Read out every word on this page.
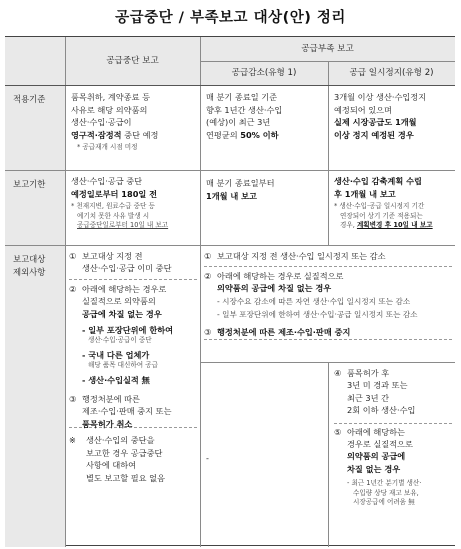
공급중단 / 부족보고 대상(안) 정리
공급중단 보고
공급부족 보고
공급감소(유형 1)	공급 일시정지(유형 2)
적용기준
보고기한
보고대상
제외사항
품목취하, 계약종료 등
사유로 해당 의약품의
생산·수입·공급이
영구적·잠정적 중단 예정
* 공급재개 시점 미정
매 분기 종료일 기준
향후 1년간 생산·수입
(예상)이 최근 3년
연평균의 50% 이하
3개월 이상 생산·수입정지
예정되어 있으며
실제 시장공급도 1개월
이상 정지 예정된 경우
생산·수입·공급 중단
예정일로부터 180일 전
* 천재지변, 원료수급 중단 등
예기치 못한 사유 발생 시
공급중단일로부터 10일 내 보고
매 분기 종료일부터
1개월 내 보고
생산·수입 감축계획 수립
후 1개월 내 보고
* 생산·수입·공급 일시정지 기간
연장되어 상기 기준 적용되는
경우, 계획변경 후 10일 내 보고
① 보고대상 지정 전
생산·수입·공급 이미 중단
② 아래에 해당하는 경우로
실질적으로 의약품의
공급에 차질 없는 경우
- 일부 포장단위에 한하여
생산·수입·공급이 중단
- 국내 다른 업체가
해당 품목 대신하여 공급
- 생산·수입실적 無
③ 행정처분에 따른
제조·수입·판매 중지 또는
품목허가 취소
※	생산·수입의 중단을
보고한 경우 공급중단
사항에 대하여
별도 보고할 필요 없음
① 보고대상 지정 전 생산·수입 일시정지 또는 감소
② 아래에 해당하는 경우로 실질적으로
의약품의 공급에 차질 없는 경우
- 시장수요 감소에 따른 자연 생산·수입 일시정지 또는 감소
- 일부 포장단위에 한하여 생산·수입·공급 일시정지 또는 감소
③ 행정처분에 따른 제조·수입·판매 중지
-
④ 품목허가 후
3년 미 경과 또는
최근 3년 간
2회 이하 생산·수입
⑤ 아래에 해당하는
경우로 실질적으로
의약품의 공급에
차질 없는 경우
- 최근 1년간 분기별 생산·
수입량 상당 재고 보유,
시장공급에 어려움 無
